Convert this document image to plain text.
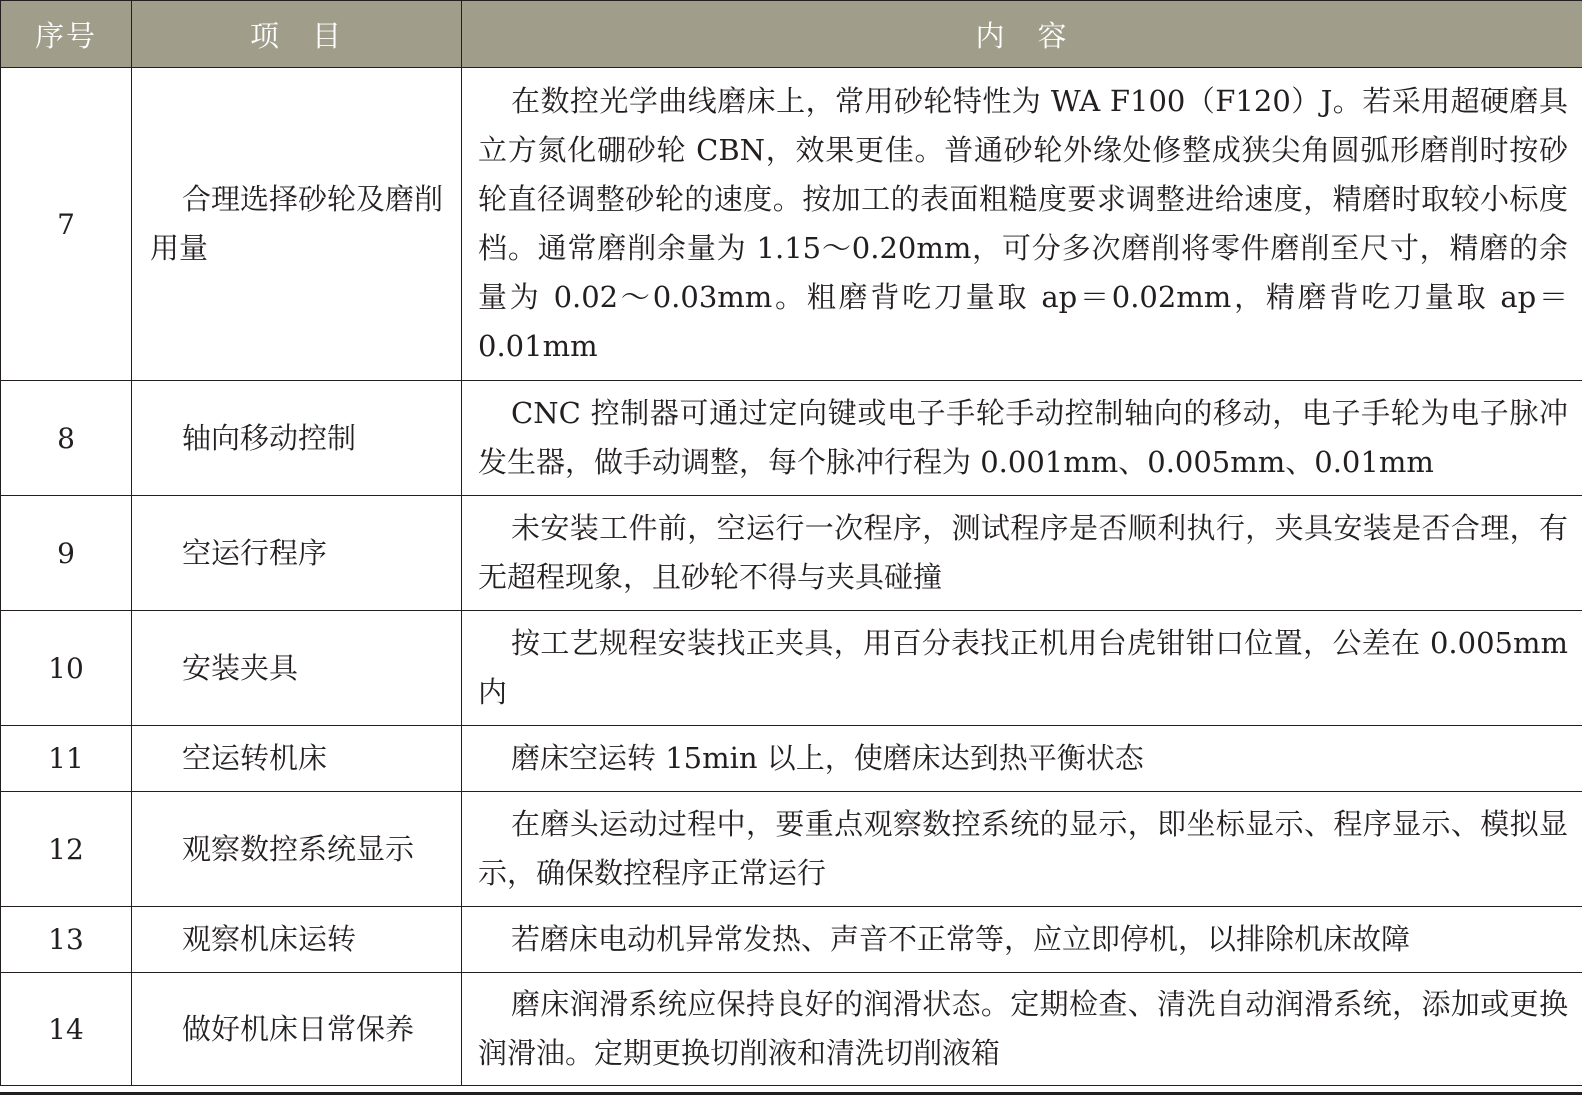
序号	项　目	内　容
7	合理选择砂轮及磨削用量	在数控光学曲线磨床上，常用砂轮特性为 WA F100（F120）J。若采用超硬磨具立方氮化硼砂轮 CBN，效果更佳。普通砂轮外缘处修整成狭尖角圆弧形磨削时按砂轮直径调整砂轮的速度。按加工的表面粗糙度要求调整进给速度，精磨时取较小标度档。通常磨削余量为 1.15～0.20mm，可分多次磨削将零件磨削至尺寸，精磨的余量为 0.02～0.03mm。粗磨背吃刀量取 ap＝0.02mm，精磨背吃刀量取 ap＝0.01mm

8	轴向移动控制	CNC 控制器可通过定向键或电子手轮手动控制轴向的移动，电子手轮为电子脉冲发生器，做手动调整，每个脉冲行程为 0.001mm、0.005mm、0.01mm

9	空运行程序	未安装工件前，空运行一次程序，测试程序是否顺利执行，夹具安装是否合理，有无超程现象，且砂轮不得与夹具碰撞

10	安装夹具	按工艺规程安装找正夹具，用百分表找正机用台虎钳钳口位置，公差在 0.005mm 内

11	空运转机床	磨床空运转 15min 以上，使磨床达到热平衡状态

12	观察数控系统显示	在磨头运动过程中，要重点观察数控系统的显示，即坐标显示、程序显示、模拟显示，确保数控程序正常运行

13	观察机床运转	若磨床电动机异常发热、声音不正常等，应立即停机，以排除机床故障

14	做好机床日常保养	磨床润滑系统应保持良好的润滑状态。定期检查、清洗自动润滑系统，添加或更换润滑油。定期更换切削液和清洗切削液箱
